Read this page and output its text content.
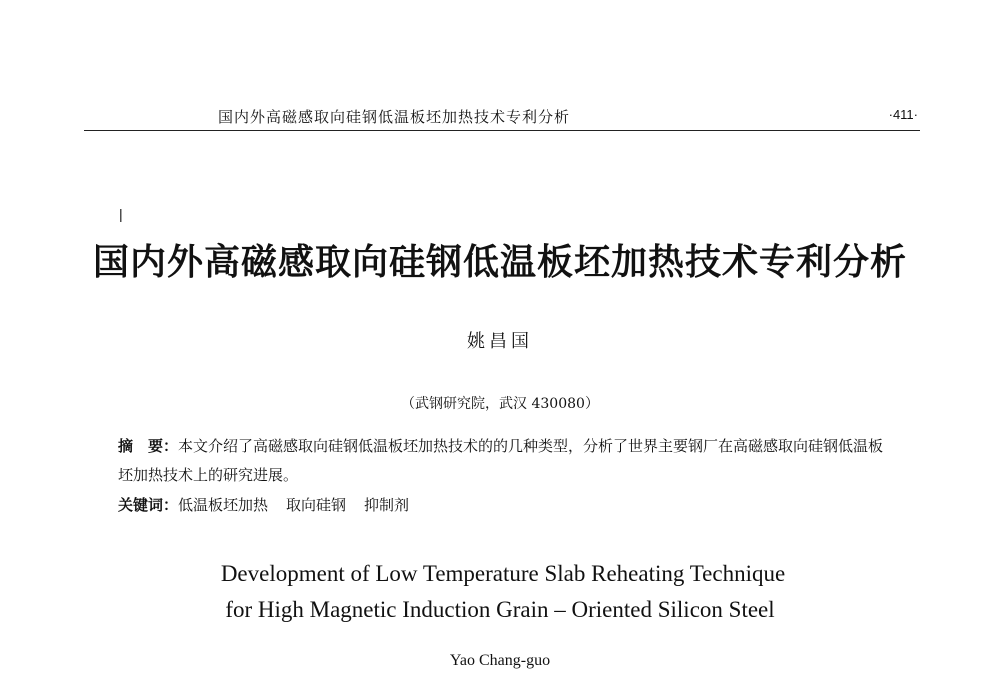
国内外高磁感取向硅钢低温板坯加热技术专利分析	·411·
|
国内外高磁感取向硅钢低温板坯加热技术专利分析
姚昌国
（武钢研究院，武汉 430080）
摘　要：本文介绍了高磁感取向硅钢低温板坯加热技术的的几种类型，分析了世界主要钢厂在高磁感取向硅钢低温板坯加热技术上的研究进展。
关键词：低温板坯加热 取向硅钢 抑制剂
Development of Low Temperature Slab Reheating Technique
for High Magnetic Induction Grain – Oriented Silicon Steel
Yao Chang-guo
